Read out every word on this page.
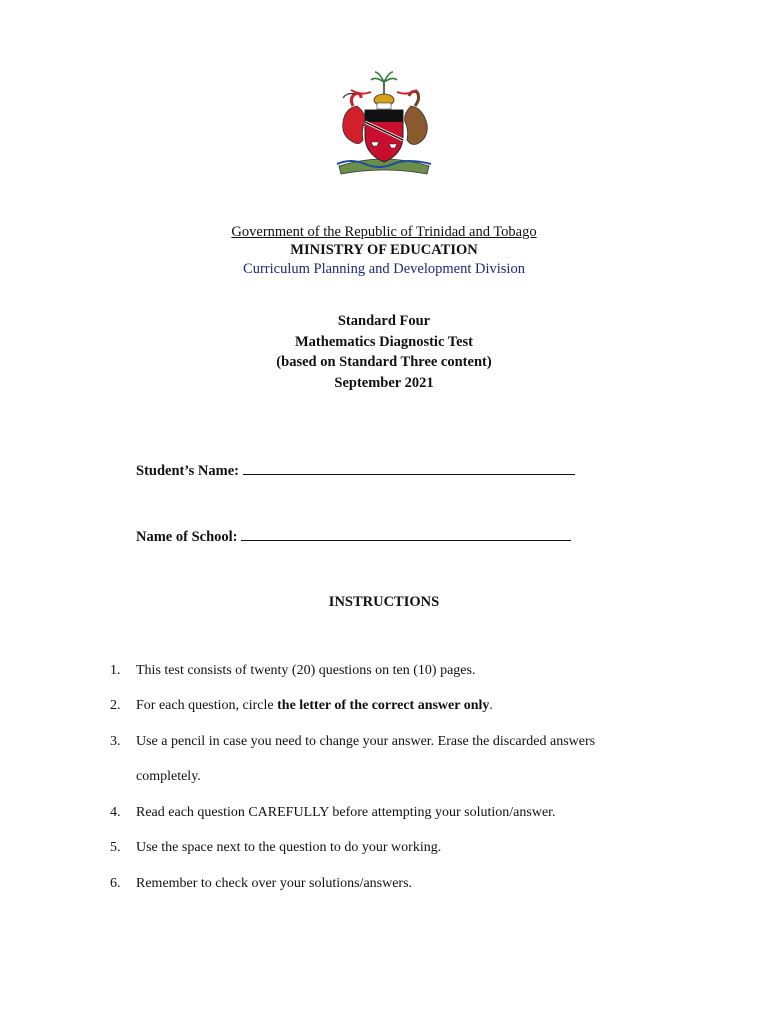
Government of the Republic of Trinidad and Tobago
MINISTRY OF EDUCATION
Curriculum Planning and Development Division
Standard Four
Mathematics Diagnostic Test
(based on Standard Three content)
September 2021
Student’s Name:
Name of School:
INSTRUCTIONS
1.	This test consists of twenty (20) questions on ten (10) pages.
2.	For each question, circle the letter of the correct answer only.
3.	Use a pencil in case you need to change your answer. Erase the discarded answers
completely.
4.	Read each question CAREFULLY before attempting your solution/answer.
5.	Use the space next to the question to do your working.
6.	Remember to check over your solutions/answers.
